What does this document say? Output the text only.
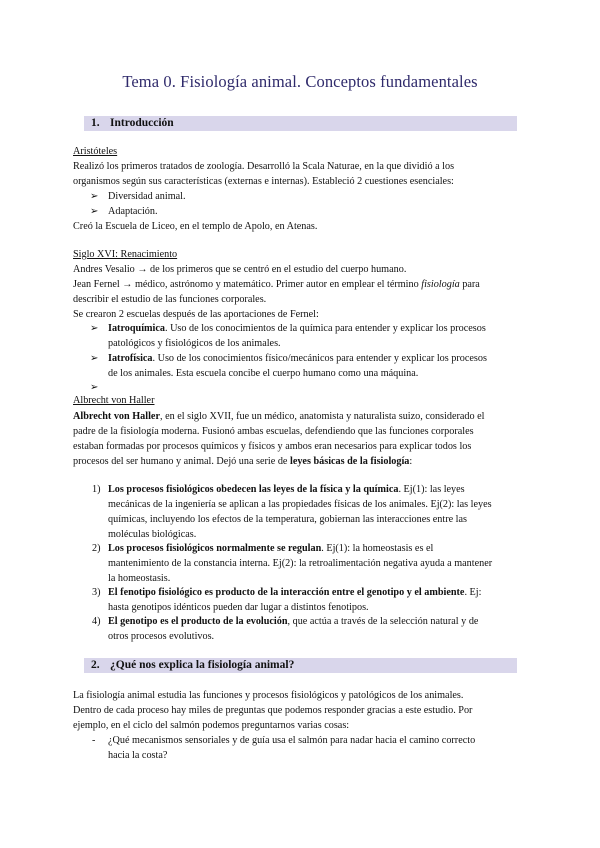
Tema 0. Fisiología animal. Conceptos fundamentales
1. Introducción
Aristóteles
Realizó los primeros tratados de zoología. Desarrolló la Scala Naturae, en la que dividió a los
organismos según sus características (externas e internas). Estableció 2 cuestiones esenciales:
➢ Diversidad animal.
➢ Adaptación.
Creó la Escuela de Liceo, en el templo de Apolo, en Atenas.
Siglo XVI: Renacimiento
Andres Vesalio → de los primeros que se centró en el estudio del cuerpo humano.
Jean Fernel → médico, astrónomo y matemático. Primer autor en emplear el término fisiología para
describir el estudio de las funciones corporales.
Se crearon 2 escuelas después de las aportaciones de Fernel:
➢ Iatroquímica. Uso de los conocimientos de la química para entender y explicar los procesos
patológicos y fisiológicos de los animales.
➢ Iatrofísica. Uso de los conocimientos físico/mecánicos para entender y explicar los procesos
de los animales. Esta escuela concibe el cuerpo humano como una máquina.
➢
Albrecht von Haller
Albrecht von Haller, en el siglo XVII, fue un médico, anatomista y naturalista suizo, considerado el
padre de la fisiología moderna. Fusionó ambas escuelas, defendiendo que las funciones corporales
estaban formadas por procesos químicos y físicos y ambos eran necesarios para explicar todos los
procesos del ser humano y animal. Dejó una serie de leyes básicas de la fisiología:
1) Los procesos fisiológicos obedecen las leyes de la física y la química. Ej(1): las leyes
mecánicas de la ingeniería se aplican a las propiedades físicas de los animales. Ej(2): las leyes
químicas, incluyendo los efectos de la temperatura, gobiernan las interacciones entre las
moléculas biológicas.
2) Los procesos fisiológicos normalmente se regulan. Ej(1): la homeostasis es el
mantenimiento de la constancia interna. Ej(2): la retroalimentación negativa ayuda a mantener
la homeostasis.
3) El fenotipo fisiológico es producto de la interacción entre el genotipo y el ambiente. Ej:
hasta genotipos idénticos pueden dar lugar a distintos fenotipos.
4) El genotipo es el producto de la evolución, que actúa a través de la selección natural y de
otros procesos evolutivos.
2. ¿Qué nos explica la fisiología animal?
La fisiología animal estudia las funciones y procesos fisiológicos y patológicos de los animales.
Dentro de cada proceso hay miles de preguntas que podemos responder gracias a este estudio. Por
ejemplo, en el ciclo del salmón podemos preguntarnos varias cosas:
- ¿Qué mecanismos sensoriales y de guía usa el salmón para nadar hacia el camino correcto
hacia la costa?
